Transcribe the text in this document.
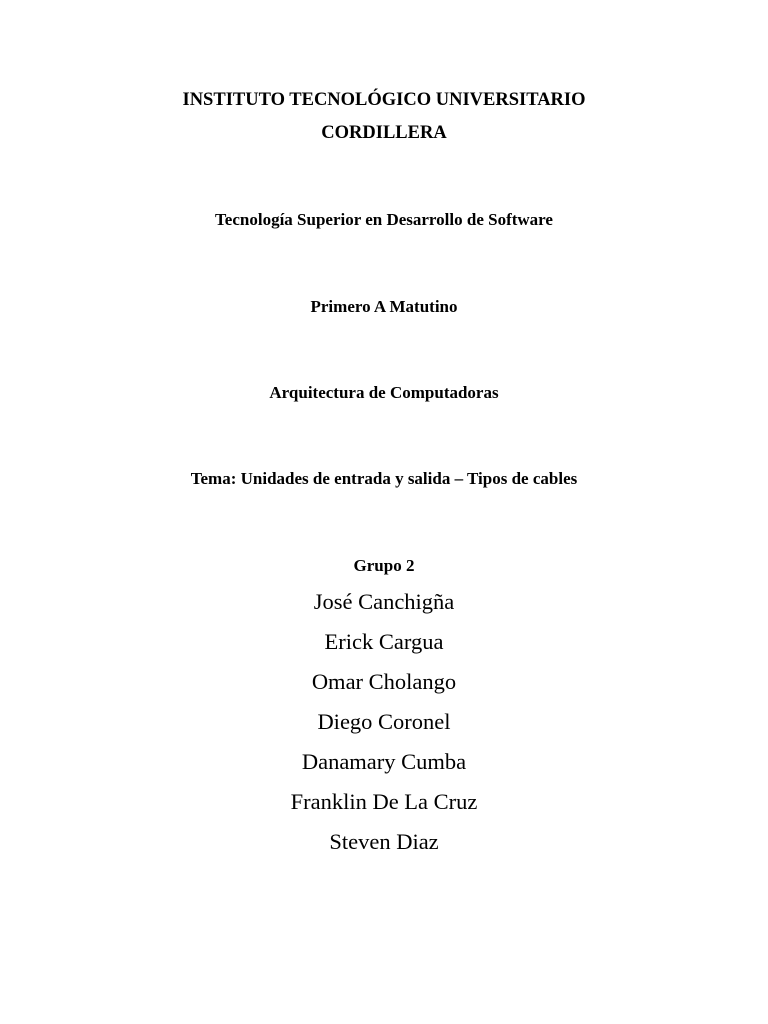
INSTITUTO TECNOLÓGICO UNIVERSITARIO
CORDILLERA
Tecnología Superior en Desarrollo de Software
Primero A Matutino
Arquitectura de Computadoras
Tema: Unidades de entrada y salida – Tipos de cables
Grupo 2
José Canchigña
Erick Cargua
Omar Cholango
Diego Coronel
Danamary Cumba
Franklin De La Cruz
Steven Diaz
